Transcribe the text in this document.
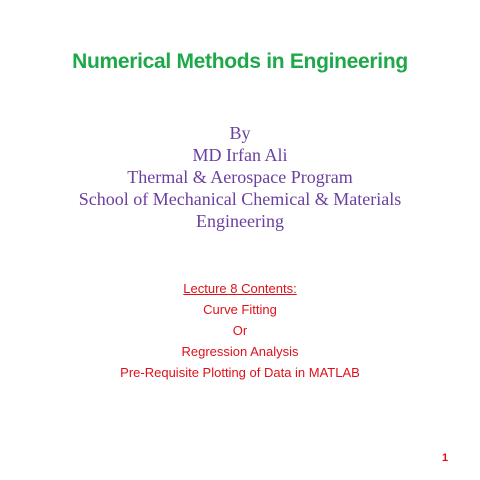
Numerical Methods in Engineering
By
MD Irfan Ali
Thermal & Aerospace Program
School of Mechanical Chemical & Materials
Engineering
Lecture 8 Contents:
Curve Fitting
Or
Regression Analysis
Pre-Requisite Plotting of Data in MATLAB
1
